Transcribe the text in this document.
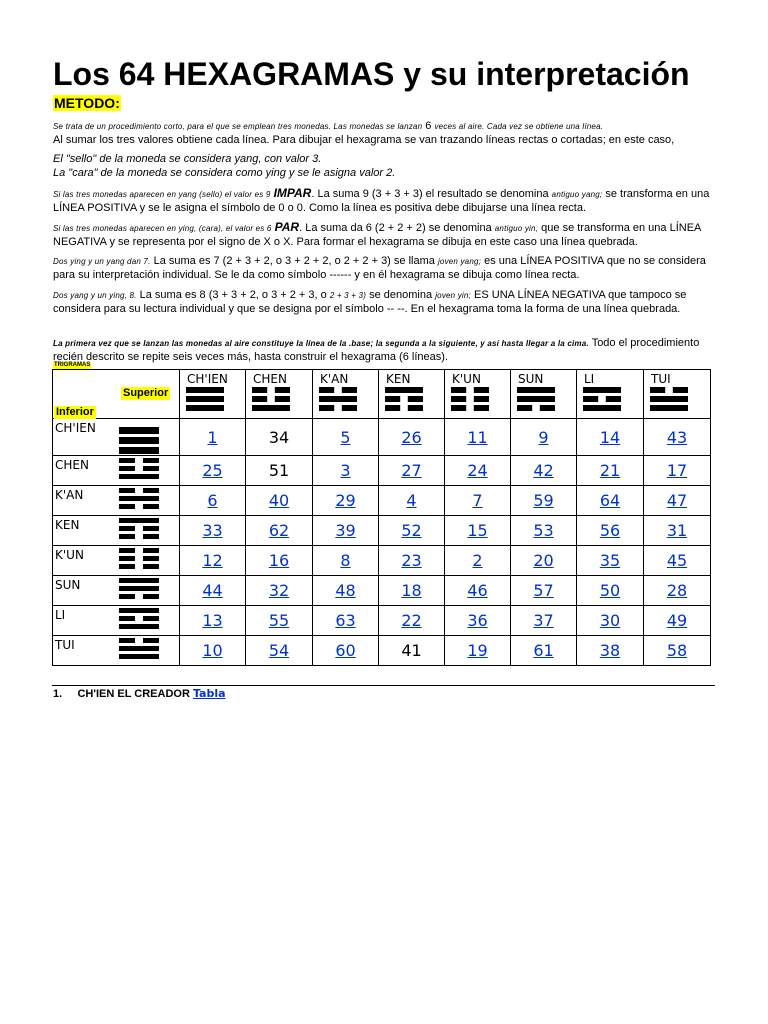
Los 64 HEXAGRAMAS y su interpretación
METODO:
Se trata de un procedimiento corto, para el que se emplean tres monedas. Las monedas se lanzan 6 veces al aire. Cada vez se obtiene una línea.
Al sumar los tres valores obtiene cada línea. Para dibujar el hexagrama se van trazando líneas rectas o cortadas; en este caso,
El "sello" de la moneda se considera yang, con valor 3.
La "cara" de la moneda se considera como ying y se le asigna valor 2.
Si las tres monedas aparecen en yang (sello) el valor es 9 IMPAR. La suma 9 (3 + 3 + 3) el resultado se denomina antiguo yang; se transforma en una LÍNEA POSITIVA y se le asigna el símbolo de 0 o 0. Como la línea es positiva debe dibujarse una línea recta.
Si las tres monedas aparecen en ying, (cara), el valor es 6 PAR. La suma da 6 (2 + 2 + 2) se denomina antiguo yin, que se transforma en una LÍNEA NEGATIVA y se representa por el signo de X o X. Para formar el hexagrama se dibuja en este caso una línea quebrada.
Dos ying y un yang dan 7. La suma es 7 (2 + 3 + 2, o 3 + 2 + 2, o 2 + 2 + 3) se llama joven yang; es una LÍNEA POSITIVA que no se considera para su interpretación individual. Se le da como símbolo ------ y en él hexagrama se dibuja como línea recta.
Dos yang y un ying, 8. La suma es 8 (3 + 3 + 2, o 3 + 2 + 3, o 2 + 3 + 3) se denomina joven yin; ES UNA LÍNEA NEGATIVA que tampoco se considera para su lectura individual y que se designa por el símbolo -- --. En el hexagrama toma la forma de una línea quebrada.
La primera vez que se lanzan las monedas al aire constituye la línea de la .base; la segunda a la siguiente, y así hasta llegar a la cima. Todo el procedimiento recién descrito se repite seis veces más, hasta construir el hexagrama (6 líneas).
TRIGRAMAS
Superior
Inferior	CH'IEN	CHEN	K'AN	KEN	K'UN	SUN	LI	TUI

CH'IEN	1	34	5	26	11	9	14	43

CHEN	25	51	3	27	24	42	21	17

K'AN	6	40	29	4	7	59	64	47

KEN	33	62	39	52	15	53	56	31

K'UN	12	16	8	23	2	20	35	45

SUN	44	32	48	18	46	57	50	28

LI	13	55	63	22	36	37	30	49

TUI	10	54	60	41	19	61	38	58
1. CH'IEN EL CREADOR Tabla
